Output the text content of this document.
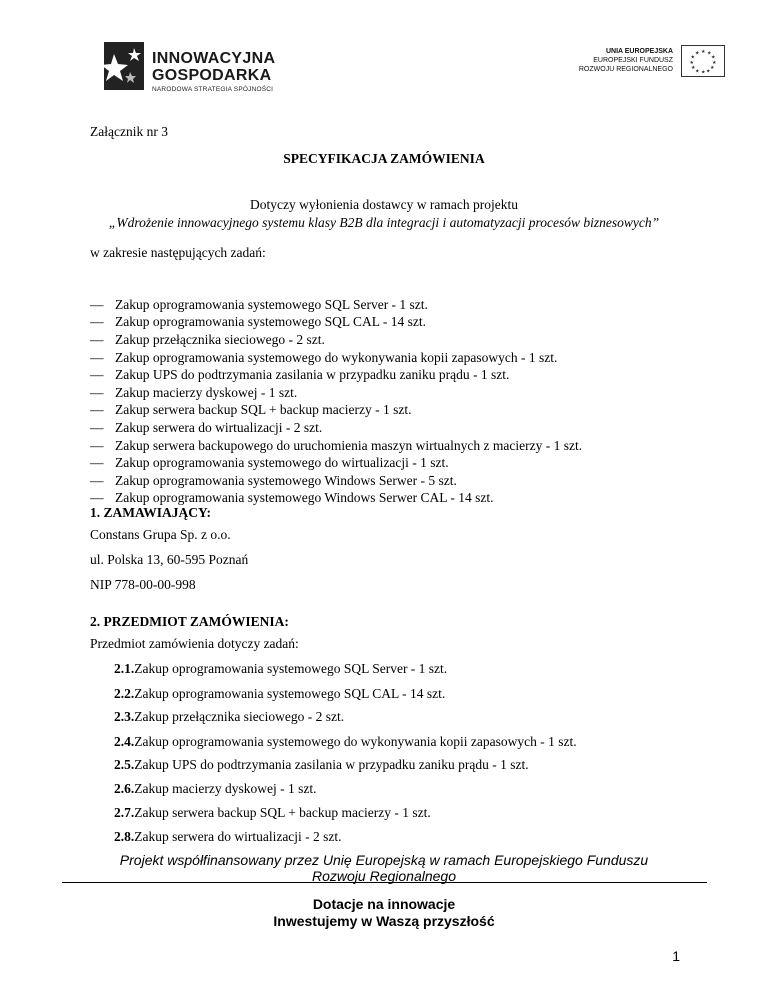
INNOWACYJNA
GOSPODARKA
NARODOWA STRATEGIA SPÓJNOŚCI
UNIA EUROPEJSKA
EUROPEJSKI FUNDUSZ
ROZWOJU REGIONALNEGO
★ ★
★
★
★
★
★
★
★
★
★
★
Załącznik nr 3
SPECYFIKACJA ZAMÓWIENIA
Dotyczy wyłonienia dostawcy w ramach projektu
„Wdrożenie innowacyjnego systemu klasy B2B dla integracji i automatyzacji procesów biznesowych”
w zakresie następujących zadań:
— Zakup oprogramowania systemowego SQL Server - 1 szt.
— Zakup oprogramowania systemowego SQL CAL - 14 szt.
— Zakup przełącznika sieciowego - 2 szt.
— Zakup oprogramowania systemowego do wykonywania kopii zapasowych - 1 szt.
— Zakup UPS do podtrzymania zasilania w przypadku zaniku prądu - 1 szt.
— Zakup macierzy dyskowej - 1 szt.
— Zakup serwera backup SQL + backup macierzy - 1 szt.
— Zakup serwera do wirtualizacji - 2 szt.
— Zakup serwera backupowego do uruchomienia maszyn wirtualnych z macierzy - 1 szt.
— Zakup oprogramowania systemowego do wirtualizacji - 1 szt.
— Zakup oprogramowania systemowego Windows Serwer - 5 szt.
— Zakup oprogramowania systemowego Windows Serwer CAL - 14 szt.
1. ZAMAWIAJĄCY:
Constans Grupa Sp. z o.o.
ul. Polska 13, 60-595 Poznań
NIP 778-00-00-998
2. PRZEDMIOT ZAMÓWIENIA:
Przedmiot zamówienia dotyczy zadań:
2.1.Zakup oprogramowania systemowego SQL Server - 1 szt.
2.2.Zakup oprogramowania systemowego SQL CAL - 14 szt.
2.3.Zakup przełącznika sieciowego - 2 szt.
2.4.Zakup oprogramowania systemowego do wykonywania kopii zapasowych - 1 szt.
2.5.Zakup UPS do podtrzymania zasilania w przypadku zaniku prądu - 1 szt.
2.6.Zakup macierzy dyskowej - 1 szt.
2.7.Zakup serwera backup SQL + backup macierzy - 1 szt.
2.8.Zakup serwera do wirtualizacji - 2 szt.
Projekt współfinansowany przez Unię Europejską w ramach Europejskiego Funduszu
Rozwoju Regionalnego
Dotacje na innowacje
Inwestujemy w Waszą przyszłość
1
